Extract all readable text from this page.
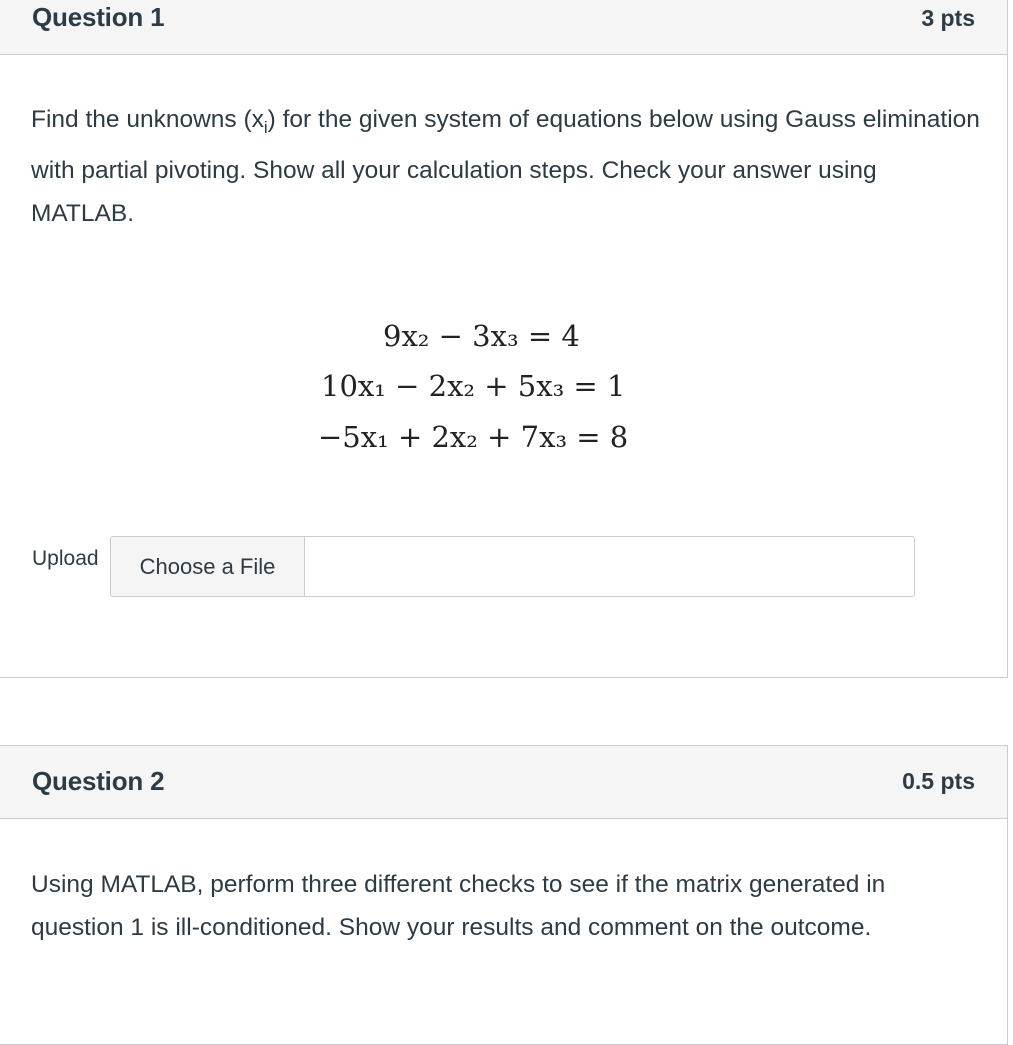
Question 1	3 pts
Find the unknowns $(x_i)$ for the given system of equations below using Gauss elimination with partial pivoting. Show all your calculation steps. Check your answer using MATLAB.
9x₂ − 3x₃ = 4
10x₁ − 2x₂ + 5x₃ = 1
−5x₁ + 2x₂ + 7x₃ = 8
Upload	Choose a File
Question 2	0.5 pts
Using MATLAB, perform three different checks to see if the matrix generated in question 1 is ill-conditioned. Show your results and comment on the outcome.
